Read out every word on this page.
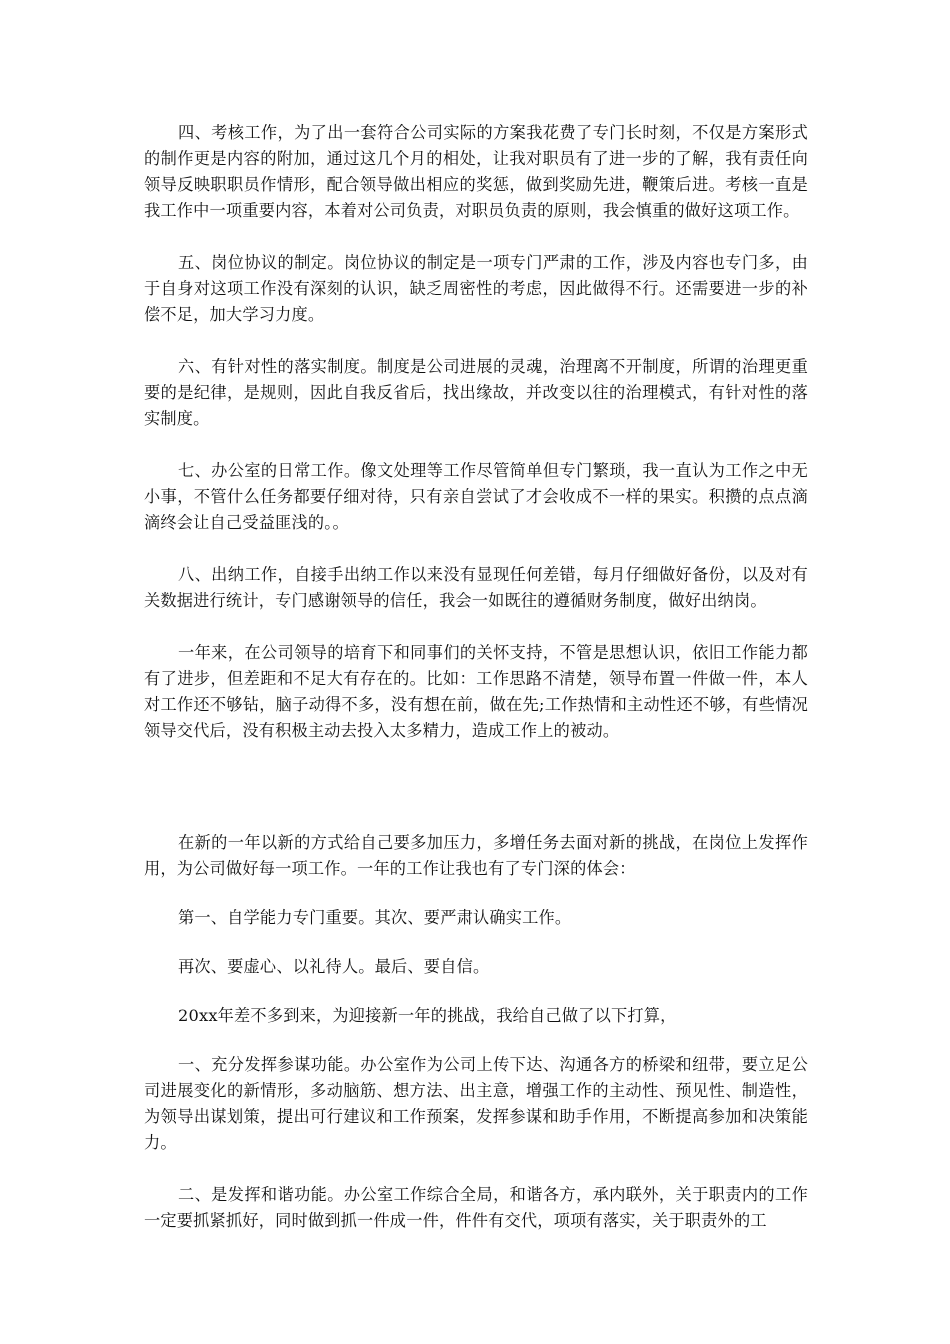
四、考核工作，为了出一套符合公司实际的方案我花费了专门长时刻，不仅是方案形式的制作更是内容的附加，通过这几个月的相处，让我对职员有了进一步的了解，我有责任向领导反映职职员作情形，配合领导做出相应的奖惩，做到奖励先进，鞭策后进。考核一直是我工作中一项重要内容，本着对公司负责，对职员负责的原则，我会慎重的做好这项工作。

五、岗位协议的制定。岗位协议的制定是一项专门严肃的工作，涉及内容也专门多，由于自身对这项工作没有深刻的认识，缺乏周密性的考虑，因此做得不行。还需要进一步的补偿不足，加大学习力度。

六、有针对性的落实制度。制度是公司进展的灵魂，治理离不开制度，所谓的治理更重要的是纪律，是规则，因此自我反省后，找出缘故，并改变以往的治理模式，有针对性的落实制度。

七、办公室的日常工作。像文处理等工作尽管简单但专门繁琐，我一直认为工作之中无小事，不管什么任务都要仔细对待，只有亲自尝试了才会收成不一样的果实。积攒的点点滴滴终会让自己受益匪浅的。。

八、出纳工作，自接手出纳工作以来没有显现任何差错，每月仔细做好备份，以及对有关数据进行统计，专门感谢领导的信任，我会一如既往的遵循财务制度，做好出纳岗。

一年来，在公司领导的培育下和同事们的关怀支持，不管是思想认识，依旧工作能力都有了进步，但差距和不足大有存在的。比如：工作思路不清楚，领导布置一件做一件，本人对工作还不够钻，脑子动得不多，没有想在前，做在先;工作热情和主动性还不够，有些情况领导交代后，没有积极主动去投入太多精力，造成工作上的被动。

在新的一年以新的方式给自己要多加压力，多增任务去面对新的挑战，在岗位上发挥作用，为公司做好每一项工作。一年的工作让我也有了专门深的体会：

第一、自学能力专门重要。其次、要严肃认确实工作。

再次、要虚心、以礼待人。最后、要自信。

20xx年差不多到来，为迎接新一年的挑战，我给自己做了以下打算，

一、充分发挥参谋功能。办公室作为公司上传下达、沟通各方的桥梁和纽带，要立足公司进展变化的新情形，多动脑筋、想方法、出主意，增强工作的主动性、预见性、制造性，为领导出谋划策，提出可行建议和工作预案，发挥参谋和助手作用，不断提高参加和决策能力。

二、是发挥和谐功能。办公室工作综合全局，和谐各方，承内联外，关于职责内的工作一定要抓紧抓好，同时做到抓一件成一件，件件有交代，项项有落实，关于职责外的工
